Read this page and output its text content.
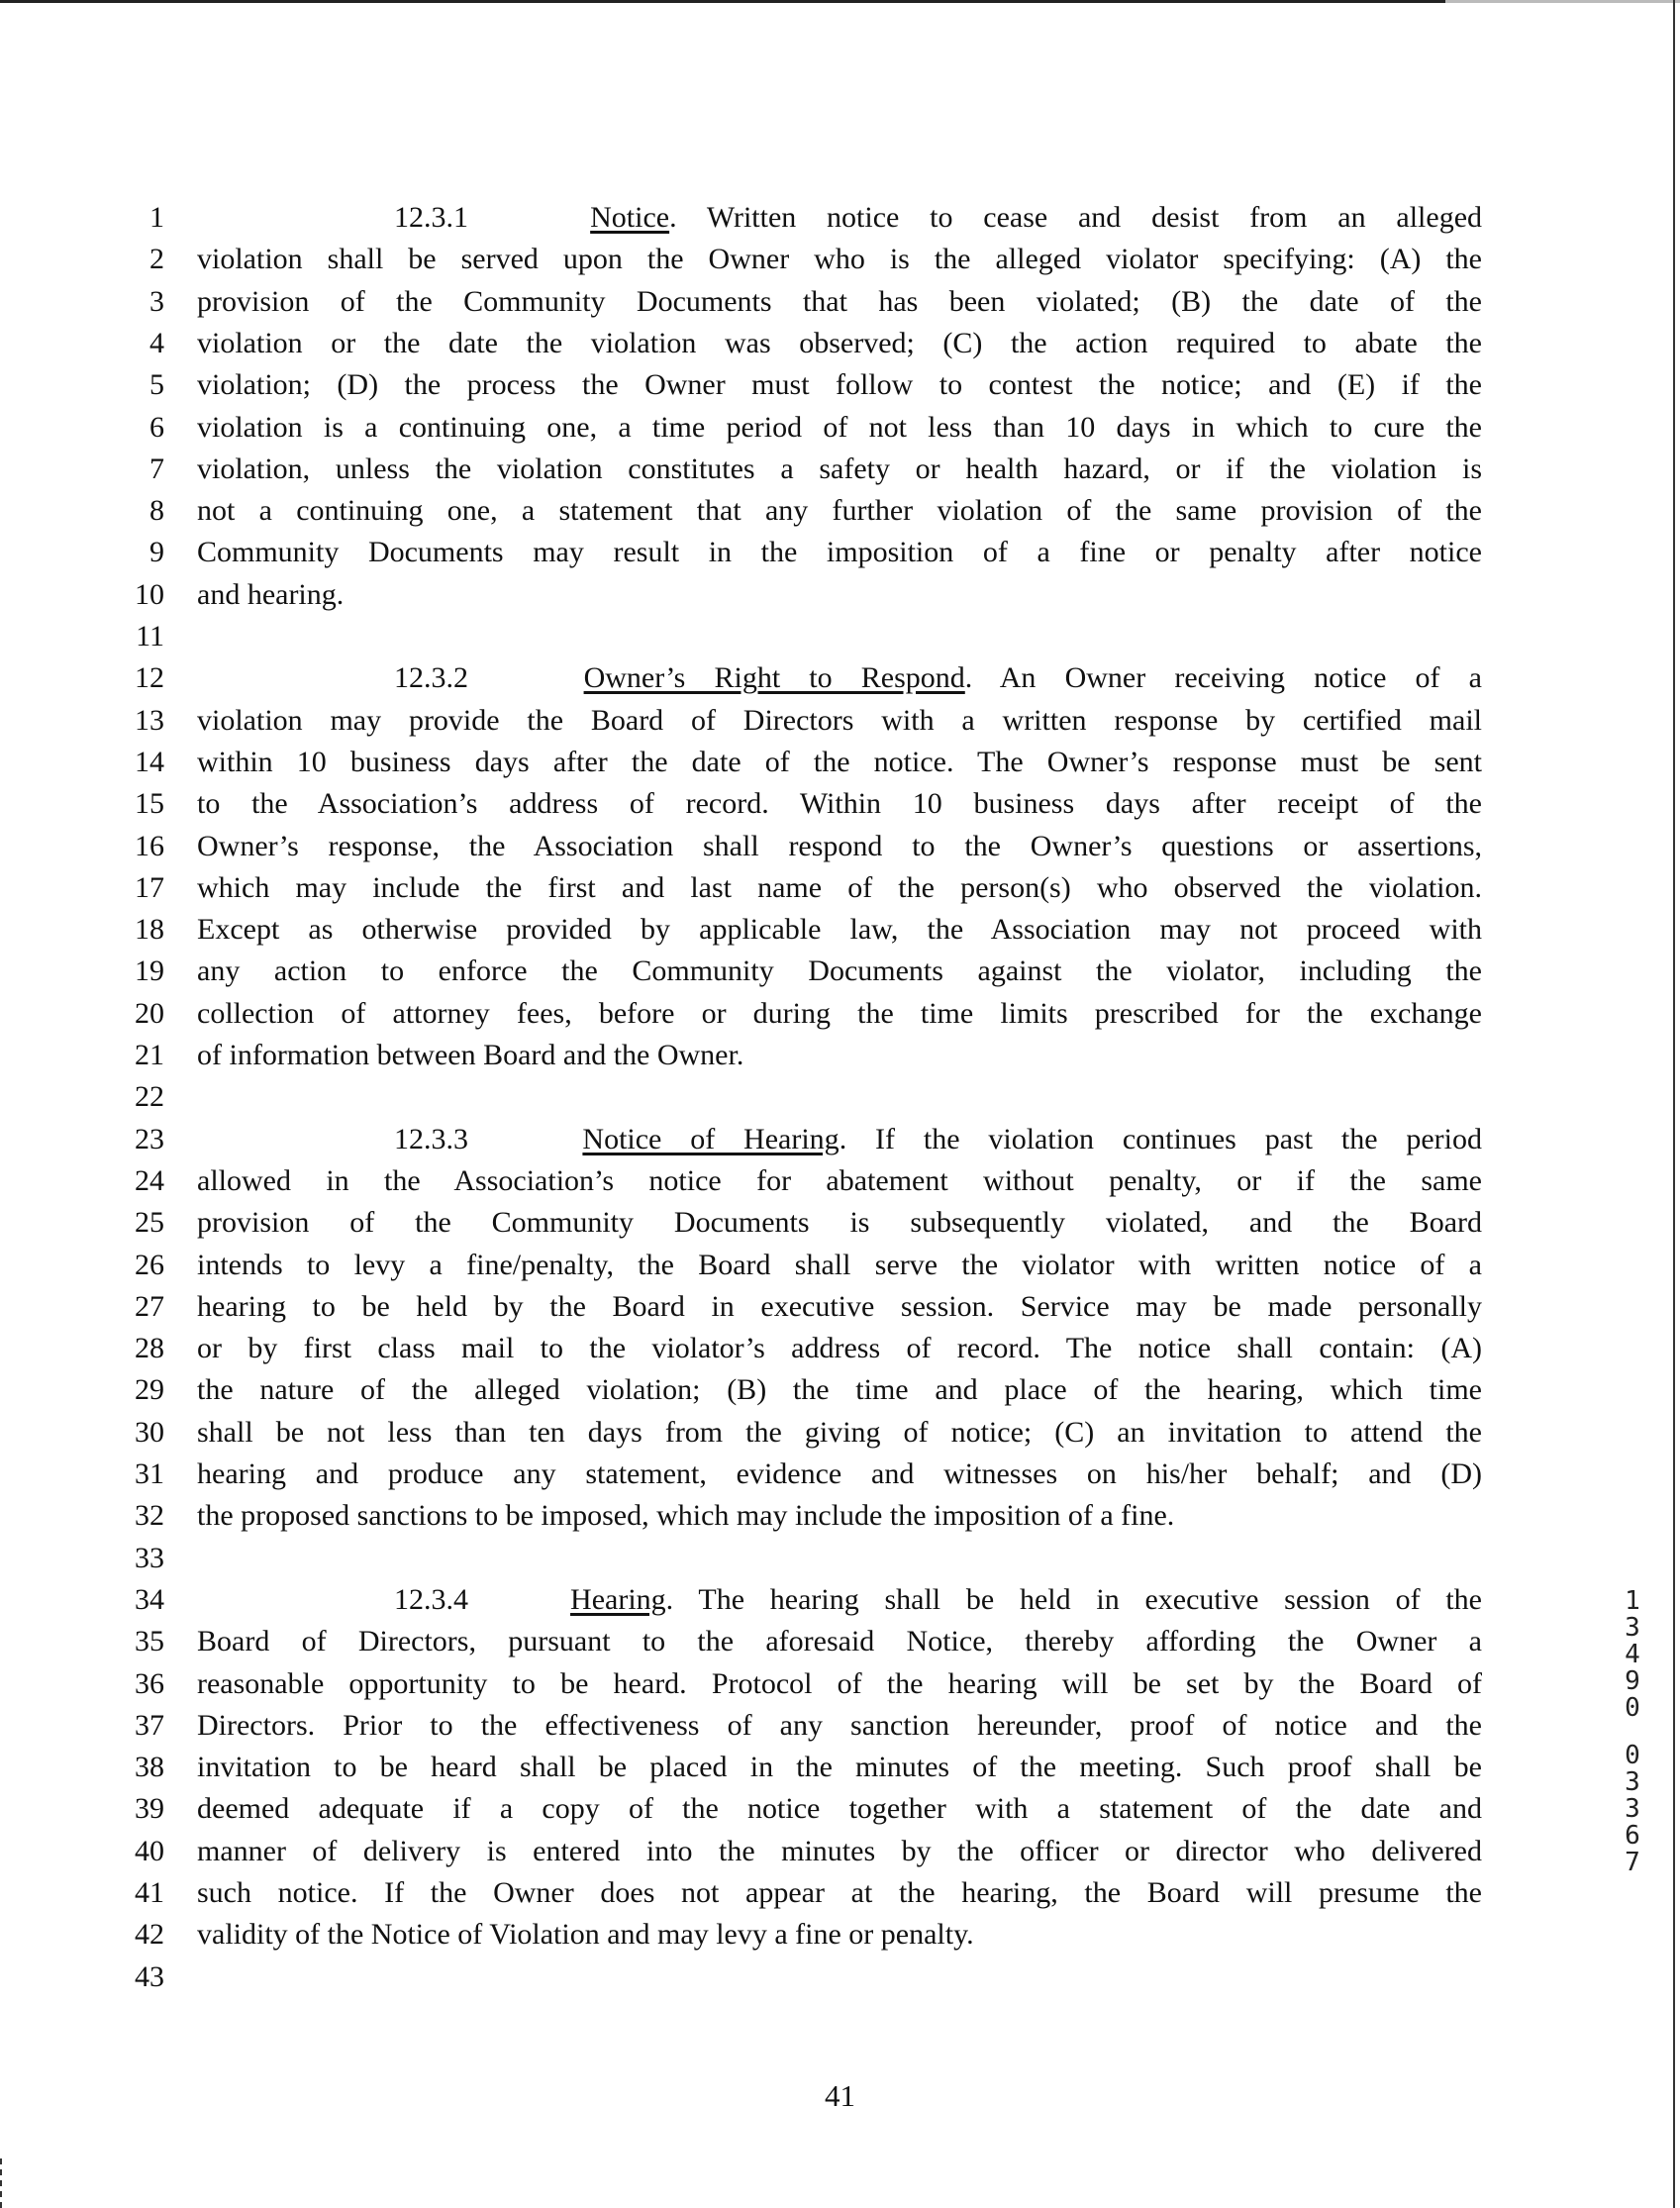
1	12.3.1    Notice. Written notice to cease and desist from an alleged
2 violation shall be served upon the Owner who is the alleged violator specifying: (A) the
3 provision of the Community Documents that has been violated; (B) the date of the
4 violation or the date the violation was observed; (C) the action required to abate the
5 violation; (D) the process the Owner must follow to contest the notice; and (E) if the
6 violation is a continuing one, a time period of not less than 10 days in which to cure the
7 violation, unless the violation constitutes a safety or health hazard, or if the violation is
8 not a continuing one, a statement that any further violation of the same provision of the
9 Community Documents may result in the imposition of a fine or penalty after notice
10 and hearing.
11
12	12.3.2    Owner’s Right to Respond. An Owner receiving notice of a
13 violation may provide the Board of Directors with a written response by certified mail
14 within 10 business days after the date of the notice. The Owner’s response must be sent
15 to the Association’s address of record. Within 10 business days after receipt of the
16 Owner’s response, the Association shall respond to the Owner’s questions or assertions,
17 which may include the first and last name of the person(s) who observed the violation.
18 Except as otherwise provided by applicable law, the Association may not proceed with
19 any action to enforce the Community Documents against the violator, including the
20 collection of attorney fees, before or during the time limits prescribed for the exchange
21 of information between Board and the Owner.
22
23	12.3.3    Notice of Hearing. If the violation continues past the period
24 allowed in the Association’s notice for abatement without penalty, or if the same
25 provision of the Community Documents is subsequently violated, and the Board
26 intends to levy a fine/penalty, the Board shall serve the violator with written notice of a
27 hearing to be held by the Board in executive session. Service may be made personally
28 or by first class mail to the violator’s address of record. The notice shall contain: (A)
29 the nature of the alleged violation; (B) the time and place of the hearing, which time
30 shall be not less than ten days from the giving of notice; (C) an invitation to attend the
31 hearing and produce any statement, evidence and witnesses on his/her behalf; and (D)
32 the proposed sanctions to be imposed, which may include the imposition of a fine.
33
34	12.3.4    Hearing. The hearing shall be held in executive session of the
35 Board of Directors, pursuant to the aforesaid Notice, thereby affording the Owner a
36 reasonable opportunity to be heard. Protocol of the hearing will be set by the Board of
37 Directors. Prior to the effectiveness of any sanction hereunder, proof of notice and the
38 invitation to be heard shall be placed in the minutes of the meeting. Such proof shall be
39 deemed adequate if a copy of the notice together with a statement of the date and
40 manner of delivery is entered into the minutes by the officer or director who delivered
41 such notice. If the Owner does not appear at the hearing, the Board will presume the
42 validity of the Notice of Violation and may levy a fine or penalty.
43
41
1
3
4
9
0
0
3
3
6
7
